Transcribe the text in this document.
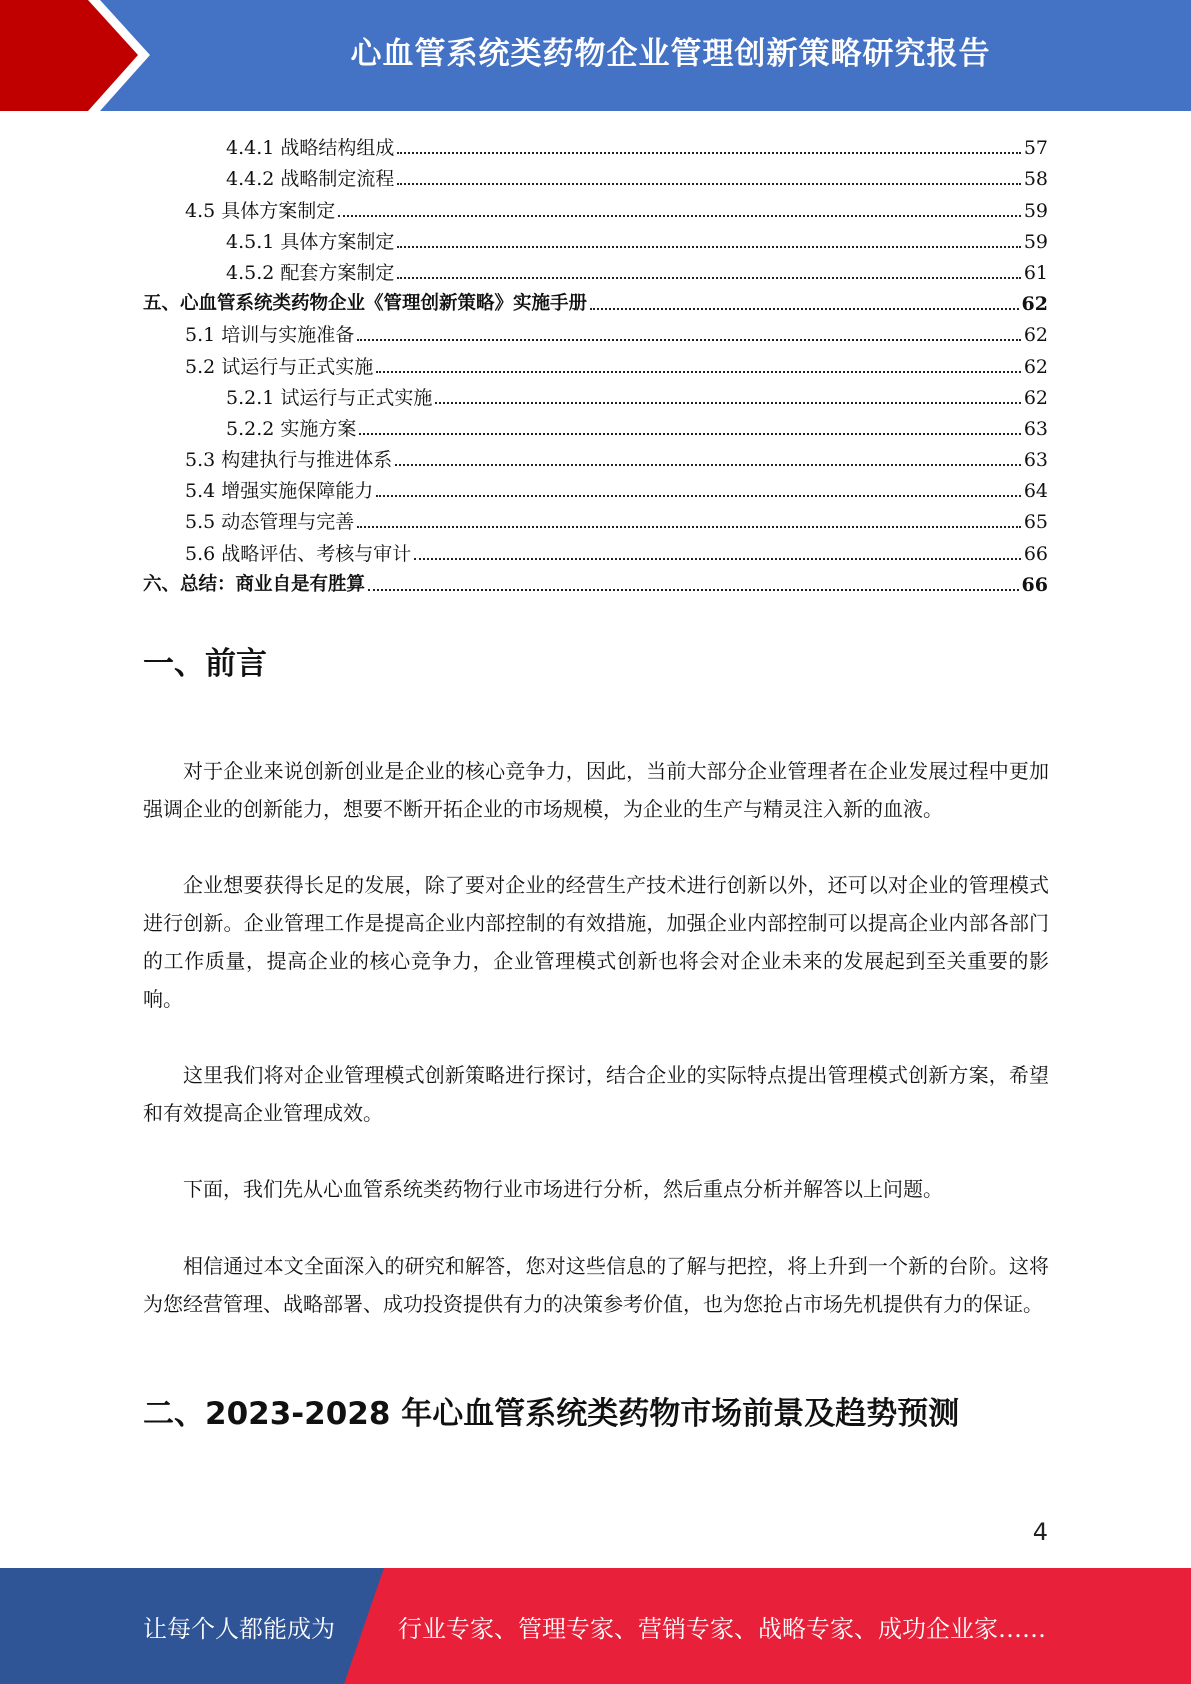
心血管系统类药物企业管理创新策略研究报告
4.4.1 战略结构组成	57
4.4.2 战略制定流程	58
4.5 具体方案制定	59
4.5.1 具体方案制定	59
4.5.2 配套方案制定	61
五、心血管系统类药物企业《管理创新策略》实施手册	62
5.1 培训与实施准备	62
5.2 试运行与正式实施	62
5.2.1 试运行与正式实施	62
5.2.2 实施方案	63
5.3 构建执行与推进体系	63
5.4 增强实施保障能力	64
5.5 动态管理与完善	65
5.6 战略评估、考核与审计	66
六、总结：商业自是有胜算	66
一、前言

对于企业来说创新创业是企业的核心竞争力，因此，当前大部分企业管理者在企业发展过程中更加强调企业的创新能力，想要不断开拓企业的市场规模，为企业的生产与精灵注入新的血液。

企业想要获得长足的发展，除了要对企业的经营生产技术进行创新以外，还可以对企业的管理模式进行创新。企业管理工作是提高企业内部控制的有效措施，加强企业内部控制可以提高企业内部各部门的工作质量，提高企业的核心竞争力，企业管理模式创新也将会对企业未来的发展起到至关重要的影响。

这里我们将对企业管理模式创新策略进行探讨，结合企业的实际特点提出管理模式创新方案，希望和有效提高企业管理成效。

下面，我们先从心血管系统类药物行业市场进行分析，然后重点分析并解答以上问题。

相信通过本文全面深入的研究和解答，您对这些信息的了解与把控，将上升到一个新的台阶。这将为您经营管理、战略部署、成功投资提供有力的决策参考价值，也为您抢占市场先机提供有力的保证。

二、2023-2028 年心血管系统类药物市场前景及趋势预测
4
让每个人都能成为	行业专家、管理专家、营销专家、战略专家、成功企业家……
